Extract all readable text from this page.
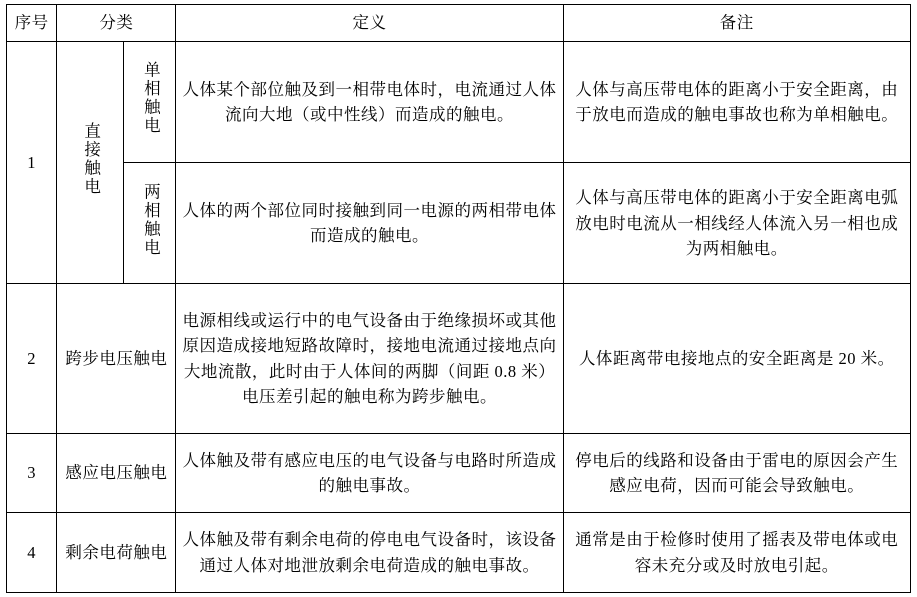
序号	分类		定义	备注
1	直接触电	单相触电	人体某个部位触及到一相带电体时，电流通过人体流向大地（或中性线）而造成的触电。	人体与高压带电体的距离小于安全距离，由于放电而造成的触电事故也称为单相触电。
		两相触电	人体的两个部位同时接触到同一电源的两相带电体而造成的触电。	人体与高压带电体的距离小于安全距离电弧放电时电流从一相线经人体流入另一相也成为两相触电。
2	跨步电压触电		电源相线或运行中的电气设备由于绝缘损坏或其他原因造成接地短路故障时，接地电流通过接地点向大地流散，此时由于人体间的两脚（间距 0.8 米）电压差引起的触电称为跨步触电。	人体距离带电接地点的安全距离是 20 米。
3	感应电压触电		人体触及带有感应电压的电气设备与电路时所造成的触电事故。	停电后的线路和设备由于雷电的原因会产生感应电荷，因而可能会导致触电。
4	剩余电荷触电		人体触及带有剩余电荷的停电电气设备时，该设备通过人体对地泄放剩余电荷造成的触电事故。	通常是由于检修时使用了摇表及带电体或电容未充分或及时放电引起。
